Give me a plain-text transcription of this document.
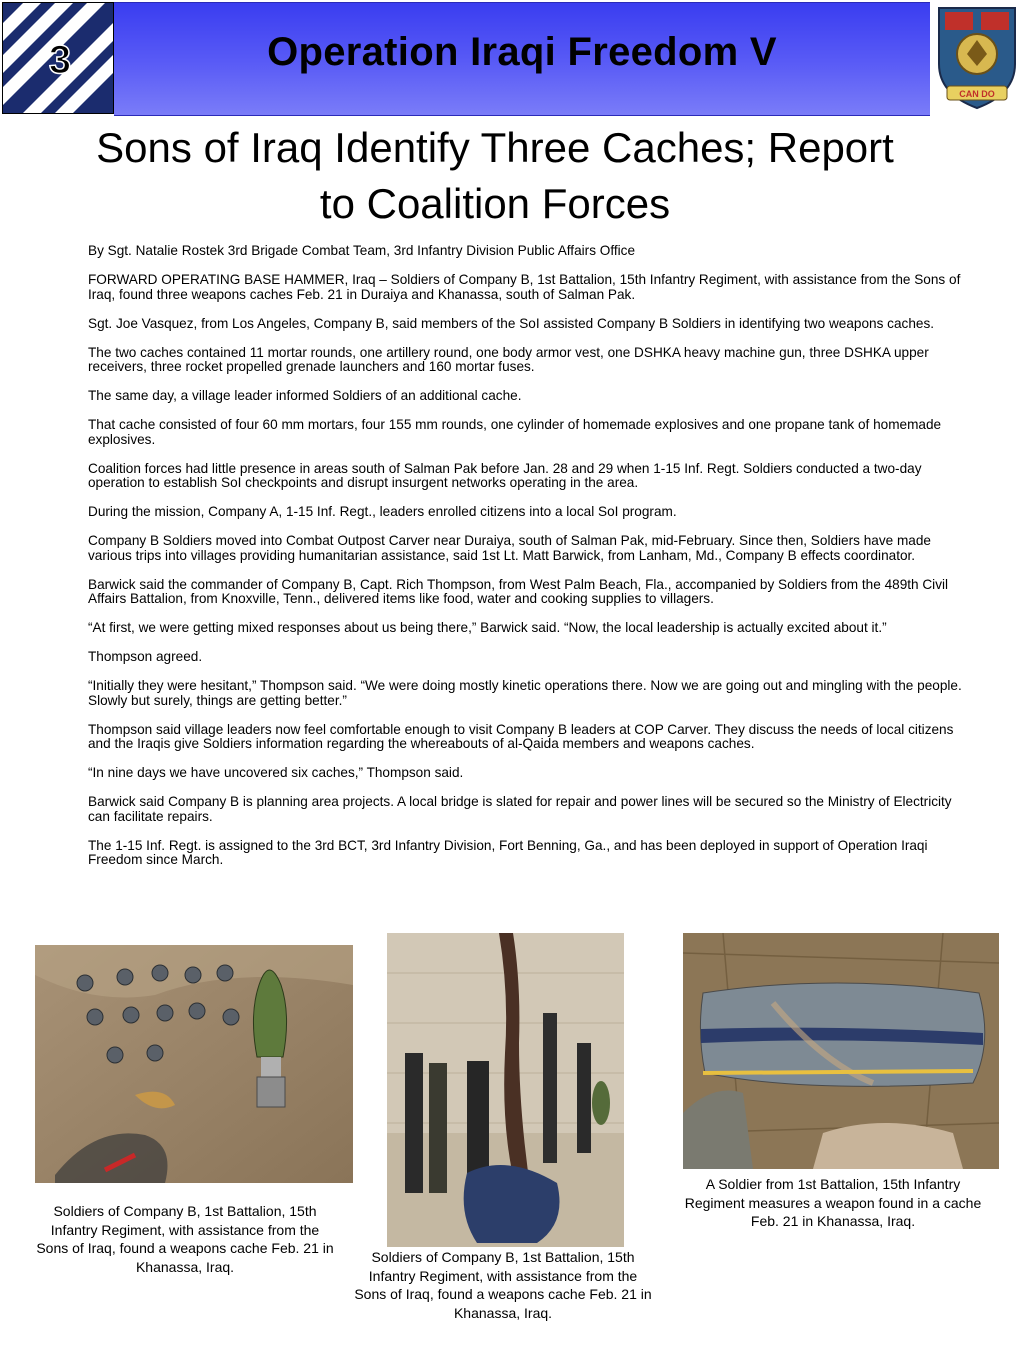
3	Operation Iraqi Freedom V
CAN DO
Sons of Iraq Identify Three Caches; Report
to Coalition Forces

By Sgt. Natalie Rostek 3rd Brigade Combat Team, 3rd Infantry Division Public Affairs Office

FORWARD OPERATING BASE HAMMER, Iraq – Soldiers of Company B, 1st Battalion, 15th Infantry Regiment, with assistance from the Sons of Iraq, found three weapons caches Feb. 21 in Duraiya and Khanassa, south of Salman Pak.

Sgt. Joe Vasquez, from Los Angeles, Company B, said members of the SoI assisted Company B Soldiers in identifying two weapons caches.

The two caches contained 11 mortar rounds, one artillery round, one body armor vest, one DSHKA heavy machine gun, three DSHKA upper receivers, three rocket propelled grenade launchers and 160 mortar fuses.

The same day, a village leader informed Soldiers of an additional cache.

That cache consisted of four 60 mm mortars, four 155 mm rounds, one cylinder of homemade explosives and one propane tank of homemade explosives.

Coalition forces had little presence in areas south of Salman Pak before Jan. 28 and 29 when 1-15 Inf. Regt. Soldiers conducted a two-day operation to establish SoI checkpoints and disrupt insurgent networks operating in the area.

During the mission, Company A, 1-15 Inf. Regt., leaders enrolled citizens into a local SoI program.

Company B Soldiers moved into Combat Outpost Carver near Duraiya, south of Salman Pak, mid-February. Since then, Soldiers have made various trips into villages providing humanitarian assistance, said 1st Lt. Matt Barwick, from Lanham, Md., Company B effects coordinator.

Barwick said the commander of Company B, Capt. Rich Thompson, from West Palm Beach, Fla., accompanied by Soldiers from the 489th Civil Affairs Battalion, from Knoxville, Tenn., delivered items like food, water and cooking supplies to villagers.

“At first, we were getting mixed responses about us being there,” Barwick said. “Now, the local leadership is actually excited about it.”

Thompson agreed.

“Initially they were hesitant,” Thompson said. “We were doing mostly kinetic operations there. Now we are going out and mingling with the people. Slowly but surely, things are getting better.”

Thompson said village leaders now feel comfortable enough to visit Company B leaders at COP Carver. They discuss the needs of local citizens and the Iraqis give Soldiers information regarding the whereabouts of al-Qaida members and weapons caches.

“In nine days we have uncovered six caches,” Thompson said.

Barwick said Company B is planning area projects. A local bridge is slated for repair and power lines will be secured so the Ministry of Electricity can facilitate repairs.

The 1-15 Inf. Regt. is assigned to the 3rd BCT, 3rd Infantry Division, Fort Benning, Ga., and has been deployed in support of Operation Iraqi Freedom since March.

Soldiers of Company B, 1st Battalion, 15th Infantry Regiment, with assistance from the Sons of Iraq, found a weapons cache Feb. 21 in Khanassa, Iraq.
Soldiers of Company B, 1st Battalion, 15th Infantry Regiment, with assistance from the Sons of Iraq, found a weapons cache Feb. 21 in Khanassa, Iraq.
A Soldier from 1st Battalion, 15th Infantry Regiment measures a weapon found in a cache Feb. 21 in Khanassa, Iraq.
